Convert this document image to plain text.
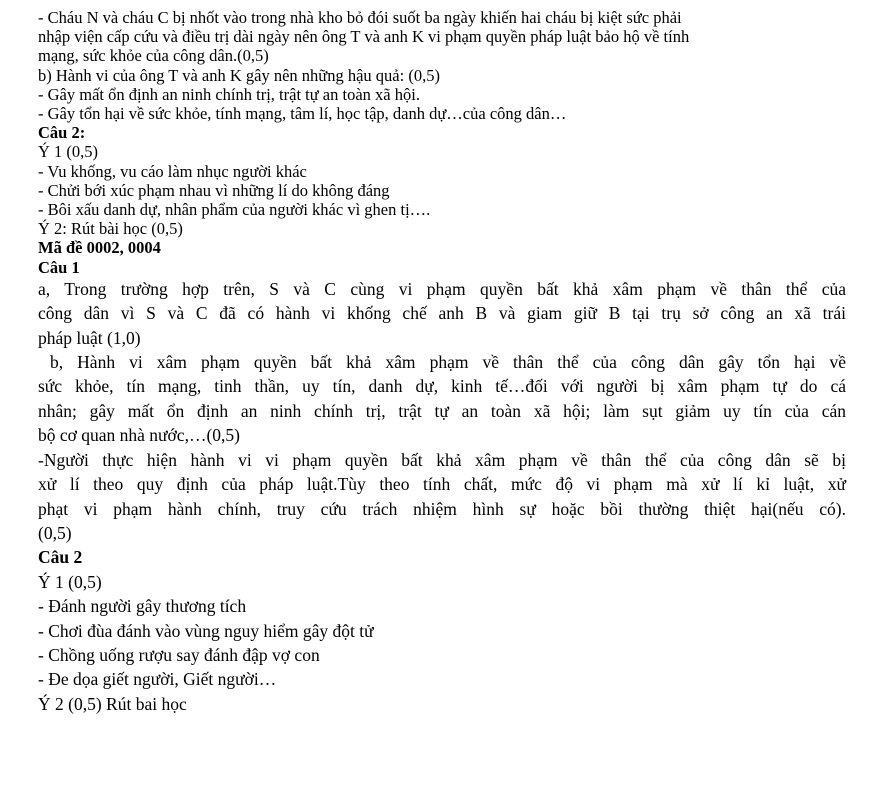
- Cháu N và cháu C bị nhốt vào trong nhà kho bỏ đói suốt ba ngày khiến hai cháu bị kiệt sức phải

nhập viện cấp cứu và điều trị dài ngày nên ông T và anh K vi phạm quyền pháp luật bảo hộ về tính

mạng, sức khỏe của công dân.(0,5)

b) Hành vi của ông T và anh K gây nên những hậu quả: (0,5)

- Gây mất ổn định an ninh chính trị, trật tự an toàn xã hội.

- Gây tổn hại về sức khỏe, tính mạng, tâm lí, học tập, danh dự…của công dân…

Câu 2:

Ý 1 (0,5)

- Vu khống, vu cáo làm nhục người khác

- Chửi bới xúc phạm nhau vì những lí do không đáng

- Bôi xấu danh dự, nhân phẩm của người khác vì ghen tị….

Ý 2: Rút bài học (0,5)

Mã đề 0002, 0004

Câu 1

a, Trong trường hợp trên, S và C cùng vi phạm quyền bất khả xâm phạm về thân thể của

công dân vì S và C đã có hành vi khống chế anh B và giam giữ B tại trụ sở công an xã trái

pháp luật (1,0)

b, Hành vi xâm phạm quyền bất khả xâm phạm về thân thể của công dân gây tổn hại về

sức khỏe, tín mạng, tinh thần, uy tín, danh dự, kinh tế…đối với người bị xâm phạm tự do cá

nhân; gây mất ổn định an ninh chính trị, trật tự an toàn xã hội; làm sụt giảm uy tín của cán

bộ cơ quan nhà nước,…(0,5)

-Người thực hiện hành vi vi phạm quyền bất khả xâm phạm về thân thể của công dân sẽ bị

xử lí theo quy định của pháp luật.Tùy theo tính chất, mức độ vi phạm mà xử lí kỉ luật, xử

phạt vi phạm hành chính, truy cứu trách nhiệm hình sự hoặc bồi thường thiệt hại(nếu có).

(0,5)

Câu 2

Ý 1 (0,5)

- Đánh người gây thương tích

- Chơi đùa đánh vào vùng nguy hiểm gây đột tử

- Chồng uống rượu say đánh đập vợ con

- Đe dọa giết người, Giết người…

Ý 2 (0,5) Rút bai học
